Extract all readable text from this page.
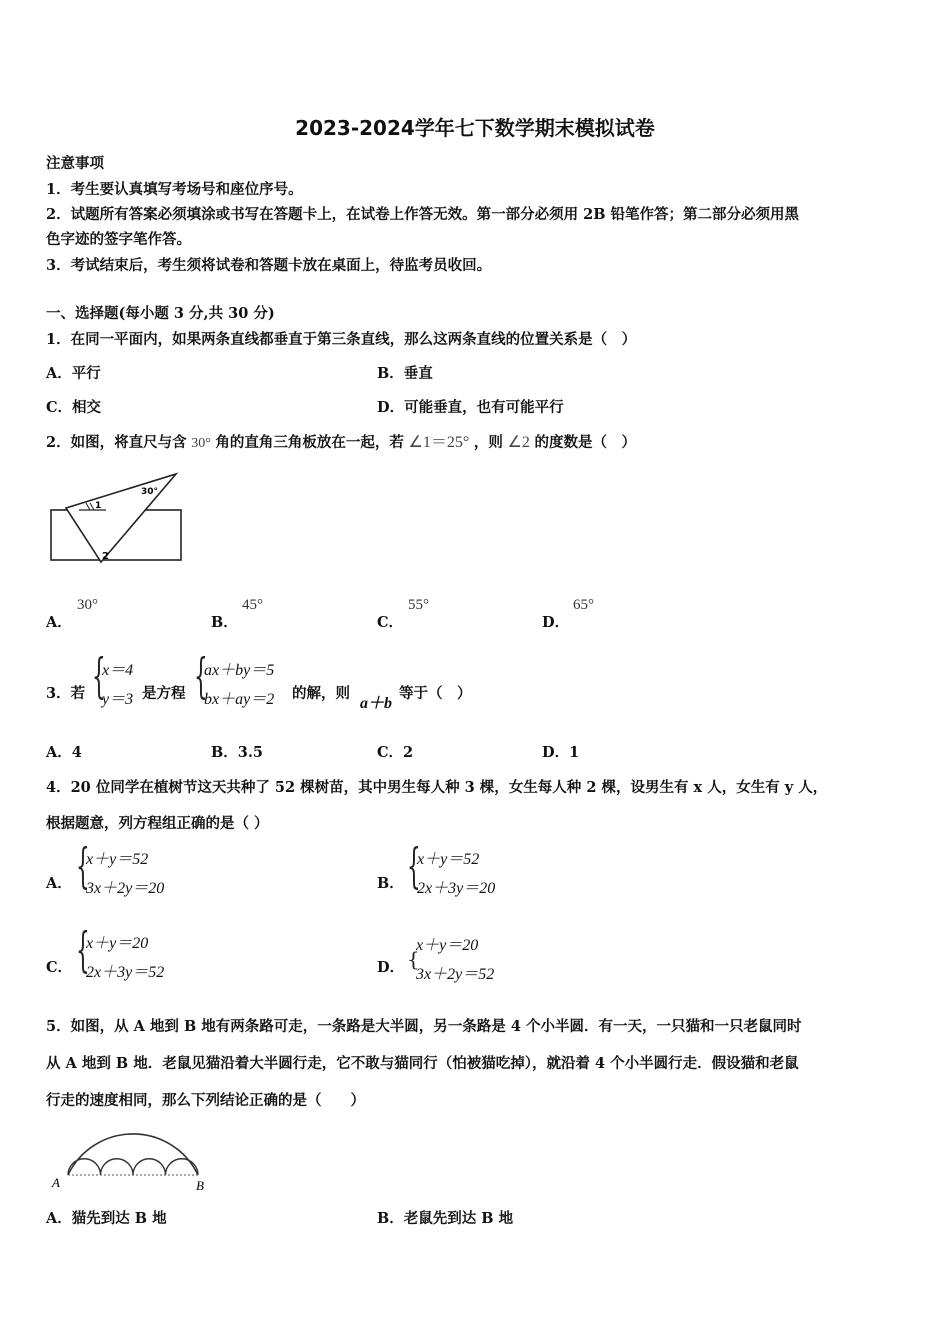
2023-2024学年七下数学期末模拟试卷
注意事项
1．考生要认真填写考场号和座位序号。
2．试题所有答案必须填涂或书写在答题卡上，在试卷上作答无效。第一部分必须用 2B 铅笔作答；第二部分必须用黑
色字迹的签字笔作答。
3．考试结束后，考生须将试卷和答题卡放在桌面上，待监考员收回。
一、选择题(每小题 3 分,共 30 分)
1．在同一平面内，如果两条直线都垂直于第三条直线，那么这两条直线的位置关系是（　）
A．平行	B．垂直
C．相交	D．可能垂直，也有可能平行
2．如图，将直尺与含 30° 角的直角三角板放在一起，若 ∠1＝25° ，则 ∠2 的度数是（　）
30°
1
2
A．
30°
B．
45°
C．
55°
D．
65°
3．若 {
x＝4
y＝3 是方程 {
ax＋by＝5
bx＋ay＝2 的解，则
a＋b
等于（　）
A．4	B．3.5	C．2	D．1
4．20 位同学在植树节这天共种了 52 棵树苗，其中男生每人种 3 棵，女生每人种 2 棵，设男生有 x 人，女生有 y 人，
根据题意，列方程组正确的是（ ）
A． {
x＋y＝52
3x＋2y＝20	B． {
x＋y＝52
2x＋3y＝20
C． {
x＋y＝20
2x＋3y＝52	D． {
x＋y＝20
3x＋2y＝52
5．如图，从 A 地到 B 地有两条路可走，一条路是大半圆，另一条路是 4 个小半圆．有一天，一只猫和一只老鼠同时
从 A 地到 B 地．老鼠见猫沿着大半圆行走，它不敢与猫同行（怕被猫吃掉），就沿着 4 个小半圆行走．假设猫和老鼠
行走的速度相同，那么下列结论正确的是（　　）
A	B
A．猫先到达 B 地	B．老鼠先到达 B 地
